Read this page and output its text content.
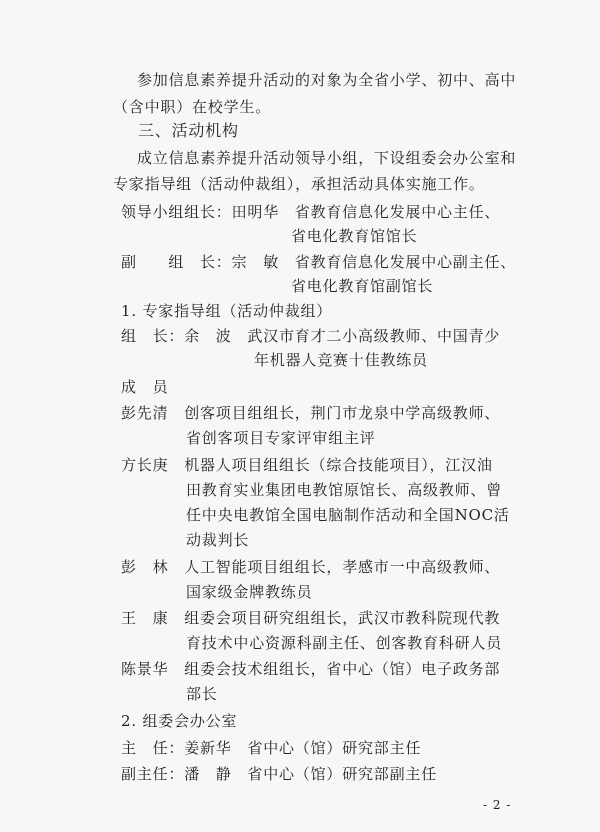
参加信息素养提升活动的对象为全省小学、初中、高中
（含中职）在校学生。
三、活动机构
成立信息素养提升活动领导小组，下设组委会办公室和
专家指导组（活动仲裁组），承担活动具体实施工作。
领导小组组长：田明华　省教育信息化发展中心主任、
省电化教育馆馆长
副　　组　长：宗　敏　省教育信息化发展中心副主任、
省电化教育馆副馆长
1. 专家指导组（活动仲裁组）
组　长：余　波　武汉市育才二小高级教师、中国青少
年机器人竞赛十佳教练员
成　员
彭先清　创客项目组组长，荆门市龙泉中学高级教师、
省创客项目专家评审组主评
方长庚　机器人项目组组长（综合技能项目），江汉油
田教育实业集团电教馆原馆长、高级教师、曾
任中央电教馆全国电脑制作活动和全国NOC活
动裁判长
彭　林　人工智能项目组组长，孝感市一中高级教师、
国家级金牌教练员
王　康　组委会项目研究组组长，武汉市教科院现代教
育技术中心资源科副主任、创客教育科研人员
陈景华　组委会技术组组长，省中心（馆）电子政务部
部长
2. 组委会办公室
主　任：姜新华　省中心（馆）研究部主任
副主任：潘　静　省中心（馆）研究部副主任
- 2 -
